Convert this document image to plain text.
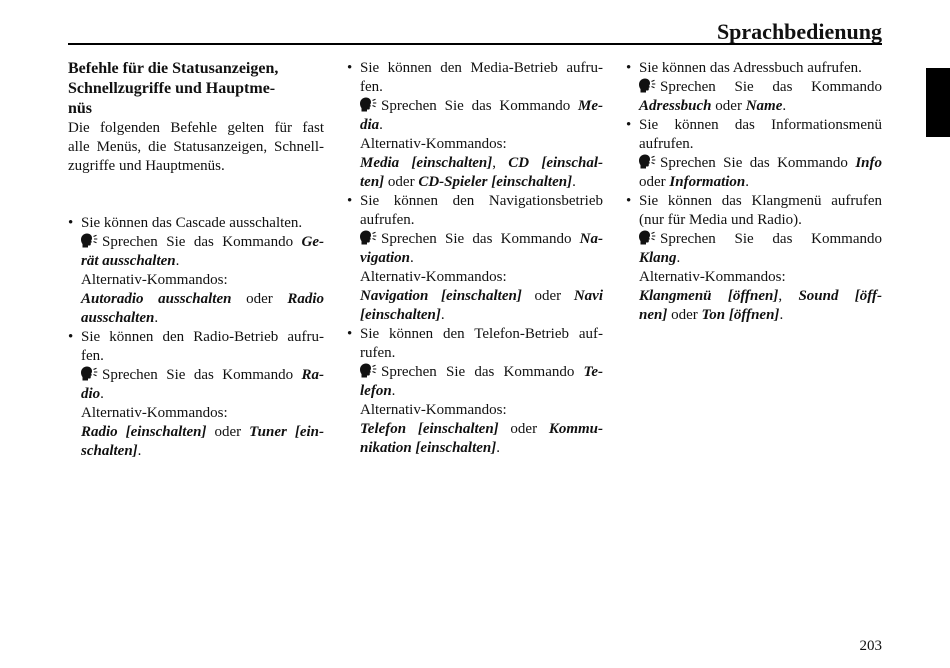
Sprachbedienung
Befehle für die Statusanzeigen,
Schnellzugriffe und Hauptme-
nüs

Die folgenden Befehle gelten für fast
alle Menüs, die Statusanzeigen, Schnell-
zugriffe und Hauptmenüs.

• Sie können das Cascade ausschalten.
Sprechen Sie das Kommando Ge-
rät ausschalten.
Alternativ-Kommandos:
Autoradio ausschalten oder Radio
ausschalten.
• Sie können den Radio-Betrieb aufru-
fen.
Sprechen Sie das Kommando Ra-
dio.
Alternativ-Kommandos:
Radio [einschalten] oder Tuner [ein-
schalten].
• Sie können den Media-Betrieb aufru-
fen.
Sprechen Sie das Kommando Me-
dia.
Alternativ-Kommandos:
Media [einschalten], CD [einschal-
ten] oder CD-Spieler [einschalten].
• Sie können den Navigationsbetrieb
aufrufen.
Sprechen Sie das Kommando Na-
vigation.
Alternativ-Kommandos:
Navigation [einschalten] oder Navi
[einschalten].
• Sie können den Telefon-Betrieb auf-
rufen.
Sprechen Sie das Kommando Te-
lefon.
Alternativ-Kommandos:
Telefon [einschalten] oder Kommu-
nikation [einschalten].
• Sie können das Adressbuch aufrufen.
Sprechen Sie das Kommando
Adressbuch oder Name.
• Sie können das Informationsmenü
aufrufen.
Sprechen Sie das Kommando Info
oder Information.
• Sie können das Klangmenü aufrufen
(nur für Media und Radio).
Sprechen Sie das Kommando
Klang.
Alternativ-Kommandos:
Klangmenü [öffnen], Sound [öff-
nen] oder Ton [öffnen].
203
